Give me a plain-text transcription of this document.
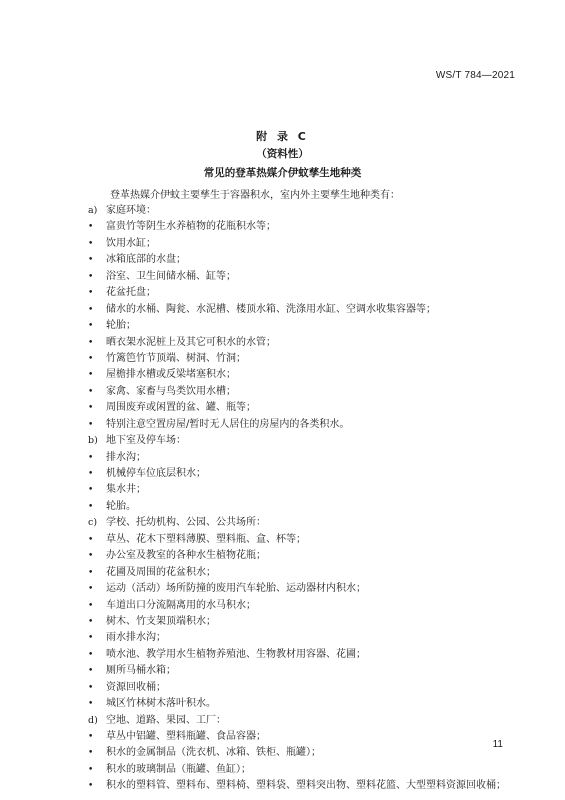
WS/T 784—2021
附 录 C
（资料性）
常见的登革热媒介伊蚊孳生地种类
登革热媒介伊蚊主要孳生于容器积水，室内外主要孳生地种类有：
a) 家庭环境：
•	富贵竹等阴生水养植物的花瓶积水等；
•	饮用水缸；
•	冰箱底部的水盘；
•	浴室、卫生间储水桶、缸等；
•	花盆托盘；
•	储水的水桶、陶瓮、水泥槽、楼顶水箱、洗涤用水缸、空调水收集容器等；
•	轮胎；
•	晒衣架水泥桩上及其它可积水的水管；
•	竹篱笆竹节顶端、树洞、竹洞；
•	屋檐排水槽或反梁堵塞积水；
•	家禽、家畜与鸟类饮用水槽；
•	周围废弃或闲置的盆、罐、瓶等；
•	特别注意空置房屋/暂时无人居住的房屋内的各类积水。
b) 地下室及停车场：
•	排水沟；
•	机械停车位底层积水；
•	集水井；
•	轮胎。
c) 学校、托幼机构、公园、公共场所：
•	草丛、花木下塑料薄膜、塑料瓶、盒、杯等；
•	办公室及教室的各种水生植物花瓶；
•	花圃及周围的花盆积水；
•	运动（活动）场所防撞的废用汽车轮胎、运动器材内积水；
•	车道出口分流隔离用的水马积水；
•	树木、竹支架顶端积水；
•	雨水排水沟；
•	喷水池、教学用水生植物养殖池、生物教材用容器、花圃；
•	厕所马桶水箱；
•	资源回收桶；
•	城区竹林树木落叶积水。
d) 空地、道路、果园、工厂：
•	草丛中铝罐、塑料瓶罐、食品容器；
•	积水的金属制品（洗衣机、冰箱、铁柜、瓶罐）；
•	积水的玻璃制品（瓶罐、鱼缸）；
•	积水的塑料管、塑料布、塑料椅、塑料袋、塑料突出物、塑料花篮、大型塑料资源回收桶；
11
